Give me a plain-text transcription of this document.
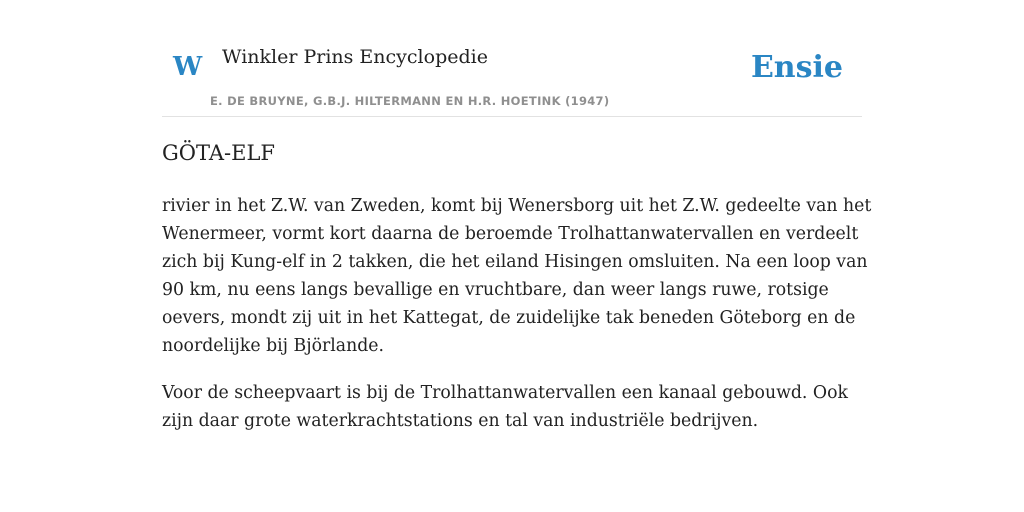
W Winkler Prins Encyclopedie
E. DE BRUYNE, G.B.J. HILTERMANN EN H.R. HOETINK (1947)
Ensie
GÖTA-ELF

rivier in het Z.W. van Zweden, komt bij Wenersborg uit het Z.W. gedeelte van het Wenermeer, vormt kort daarna de beroemde Trolhattanwatervallen en verdeelt zich bij Kung-elf in 2 takken, die het eiland Hisingen omsluiten. Na een loop van 90 km, nu eens langs bevallige en vruchtbare, dan weer langs ruwe, rotsige oevers, mondt zij uit in het Kattegat, de zuidelijke tak beneden Göteborg en de noordelijke bij Björlande.

Voor de scheepvaart is bij de Trolhattanwatervallen een kanaal gebouwd. Ook zijn daar grote waterkrachtstations en tal van industriële bedrijven.
